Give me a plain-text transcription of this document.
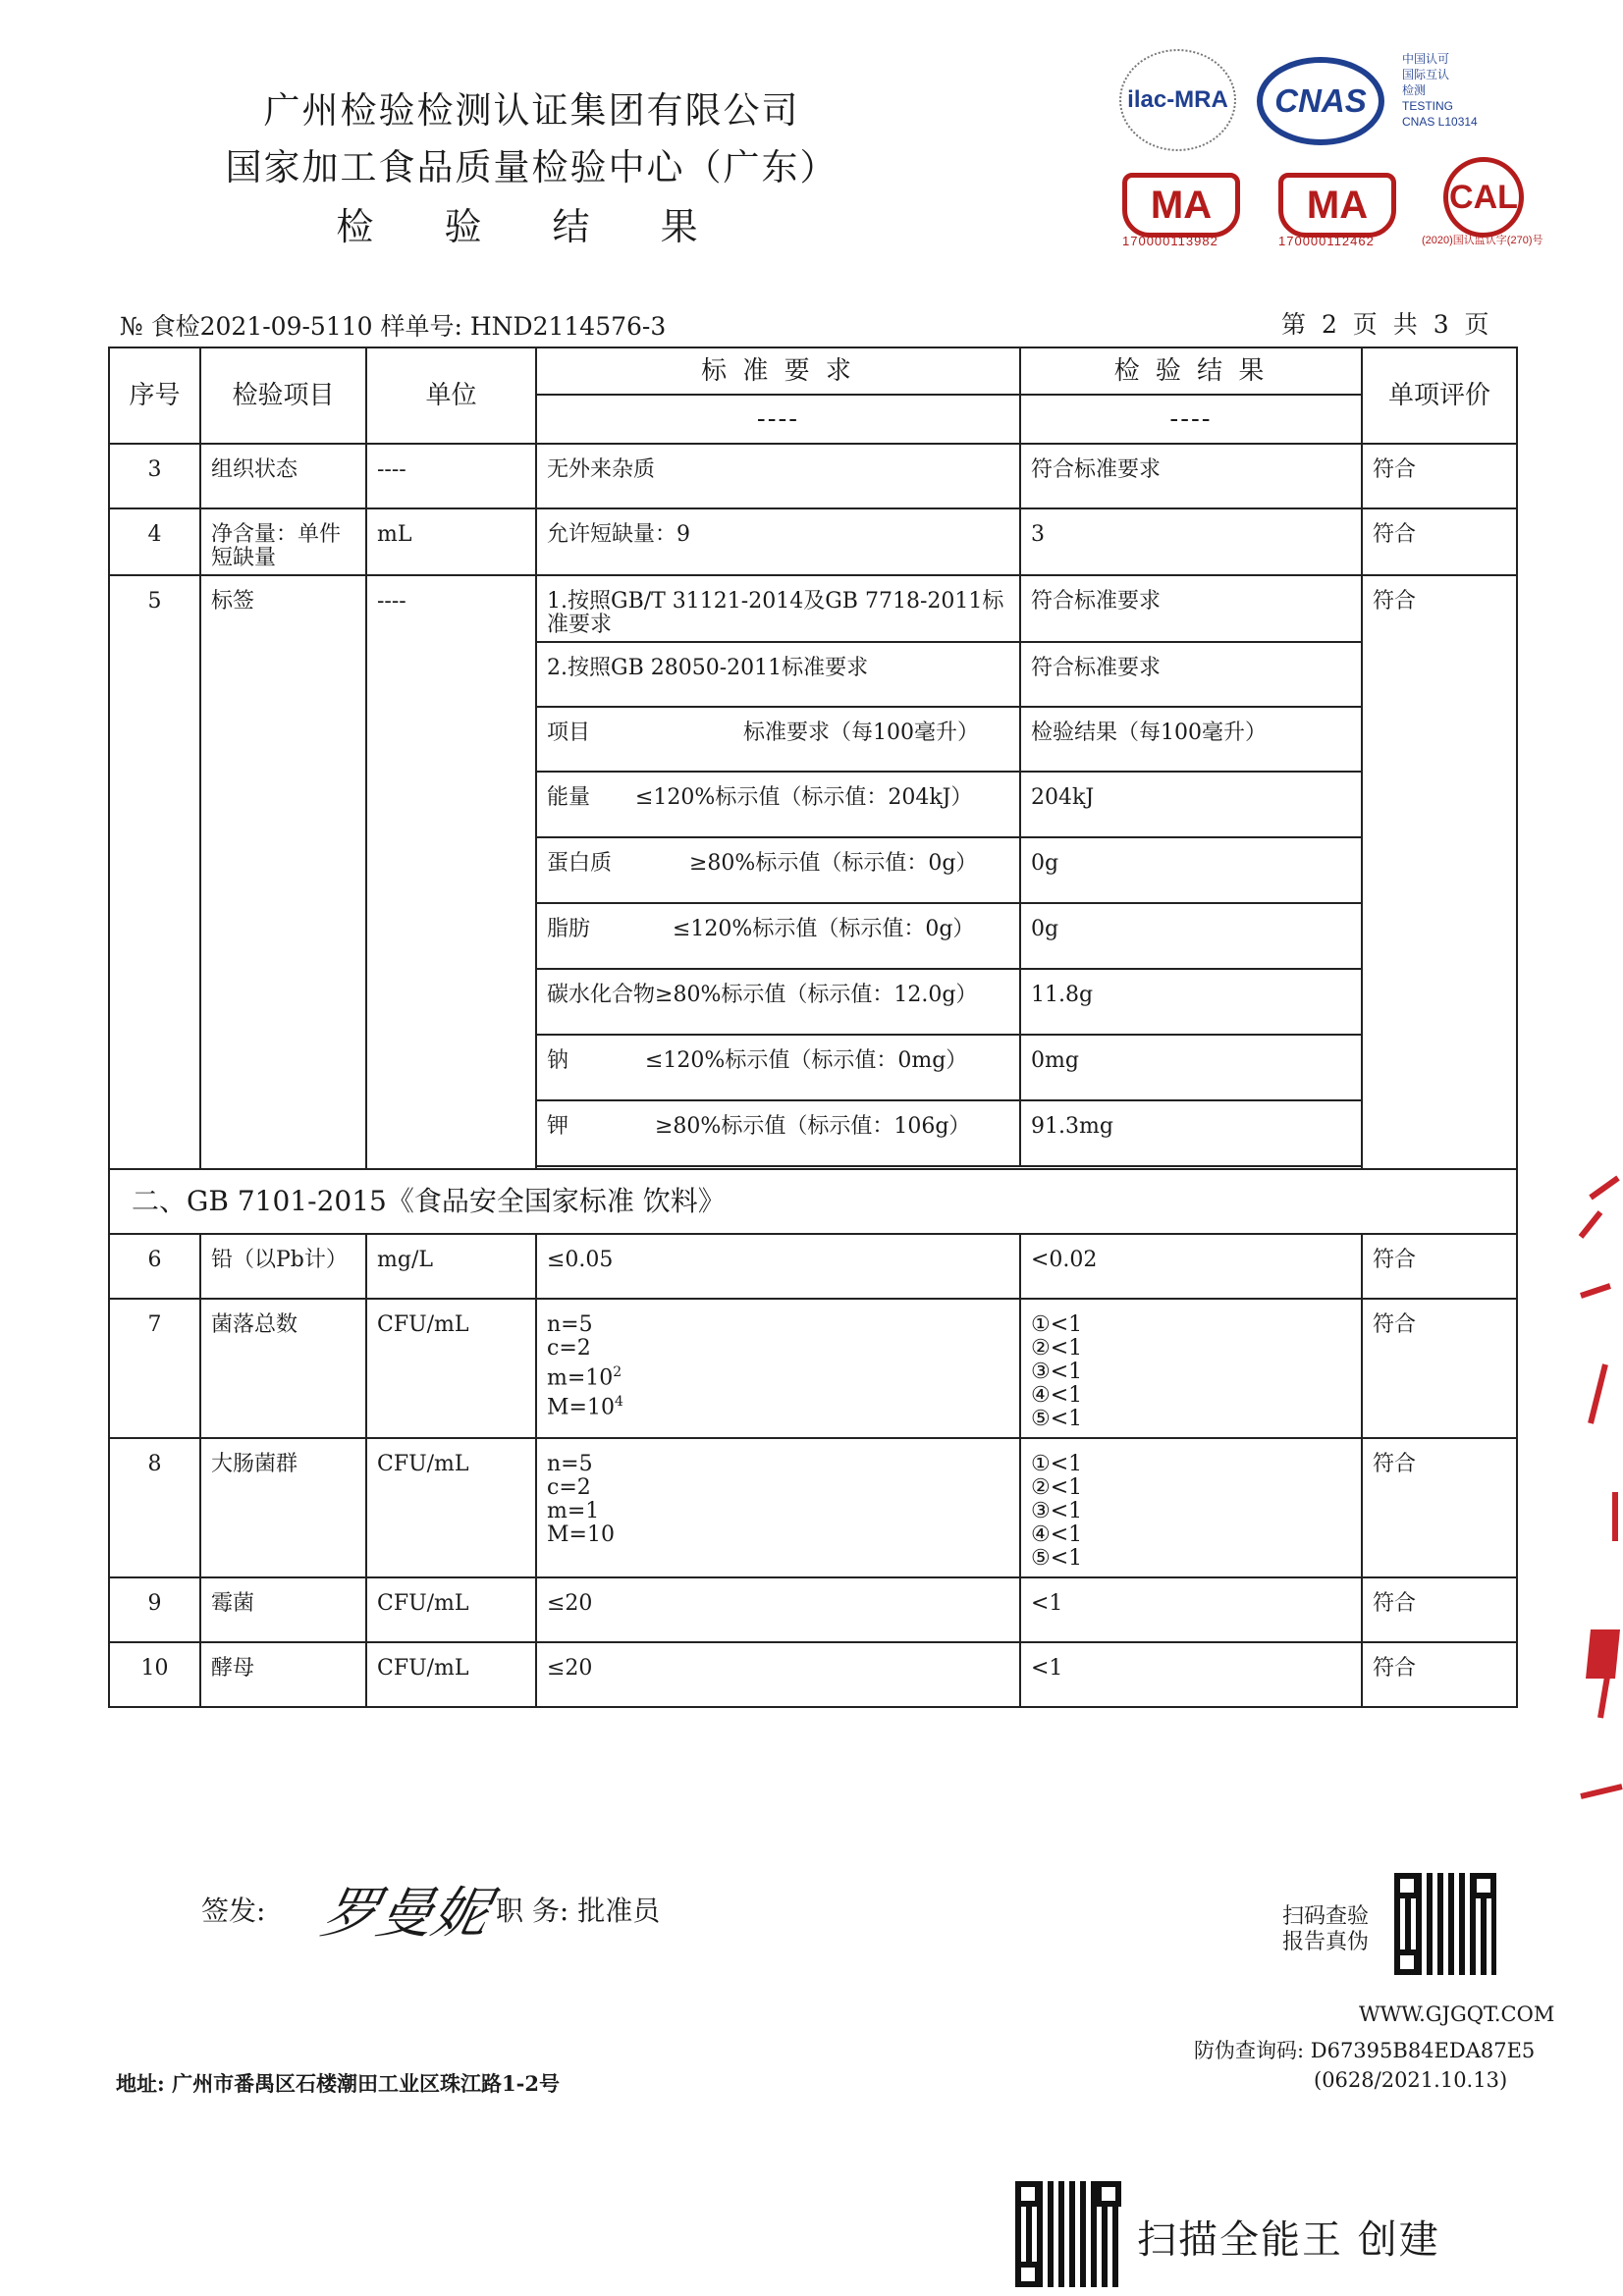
广州检验检测认证集团有限公司
国家加工食品质量检验中心（广东）
检 验 结 果
ilac-MRA CNAS
中国认可
国际互认
检测
TESTING
CNAS L10314
MA
170000113982
MA
170000112462
CAL
(2020)国认监认字(270)号
№ 食检2021-09-5110 样单号: HND2114576-3	第 2 页 共 3 页
序号	检验项目	单位	标 准 要 求	检 验 结 果	单项评价
			----	----	
3	组织状态	----	无外来杂质	符合标准要求	符合
4	净含量：单件短缺量	mL	允许短缺量：9	3	符合
5	标签	----	1.按照GB/T 31121-2014及GB 7718-2011标准要求	符合标准要求	符合
			2.按照GB 28050-2011标准要求	符合标准要求	
			项目 标准要求（每100毫升）	检验结果（每100毫升）	
			能量 ≤120%标示值（标示值：204kJ）	204kJ	
			蛋白质 ≥80%标示值（标示值：0g）	0g	
			脂肪 ≤120%标示值（标示值：0g）	0g	
			碳水化合物≥80%标示值（标示值：12.0g）	11.8g	
			钠 ≤120%标示值（标示值：0mg）	0mg	
			钾 ≥80%标示值（标示值：106g）	91.3mg	

二、GB 7101-2015《食品安全国家标准 饮料》					
6	铅（以Pb计）	mg/L	≤0.05	<0.02	符合
7	菌落总数	CFU/mL	n=5
c=2
$m=10^2$
$M=10^4$	①<1
②<1
③<1
④<1
⑤<1	符合
8	大肠菌群	CFU/mL	n=5
c=2
m=1
M=10	①<1
②<1
③<1
④<1
⑤<1	符合
9	霉菌	CFU/mL	≤20	<1	符合
10	酵母	CFU/mL	≤20	<1	符合
签发: 罗曼妮 职 务: 批准员	扫码查验
报告真伪
WWW.GJGQT.COM
防伪查询码: D67395B84EDA87E5
(0628/2021.10.13)
地址: 广州市番禺区石楼潮田工业区珠江路1-2号
扫描全能王 创建
